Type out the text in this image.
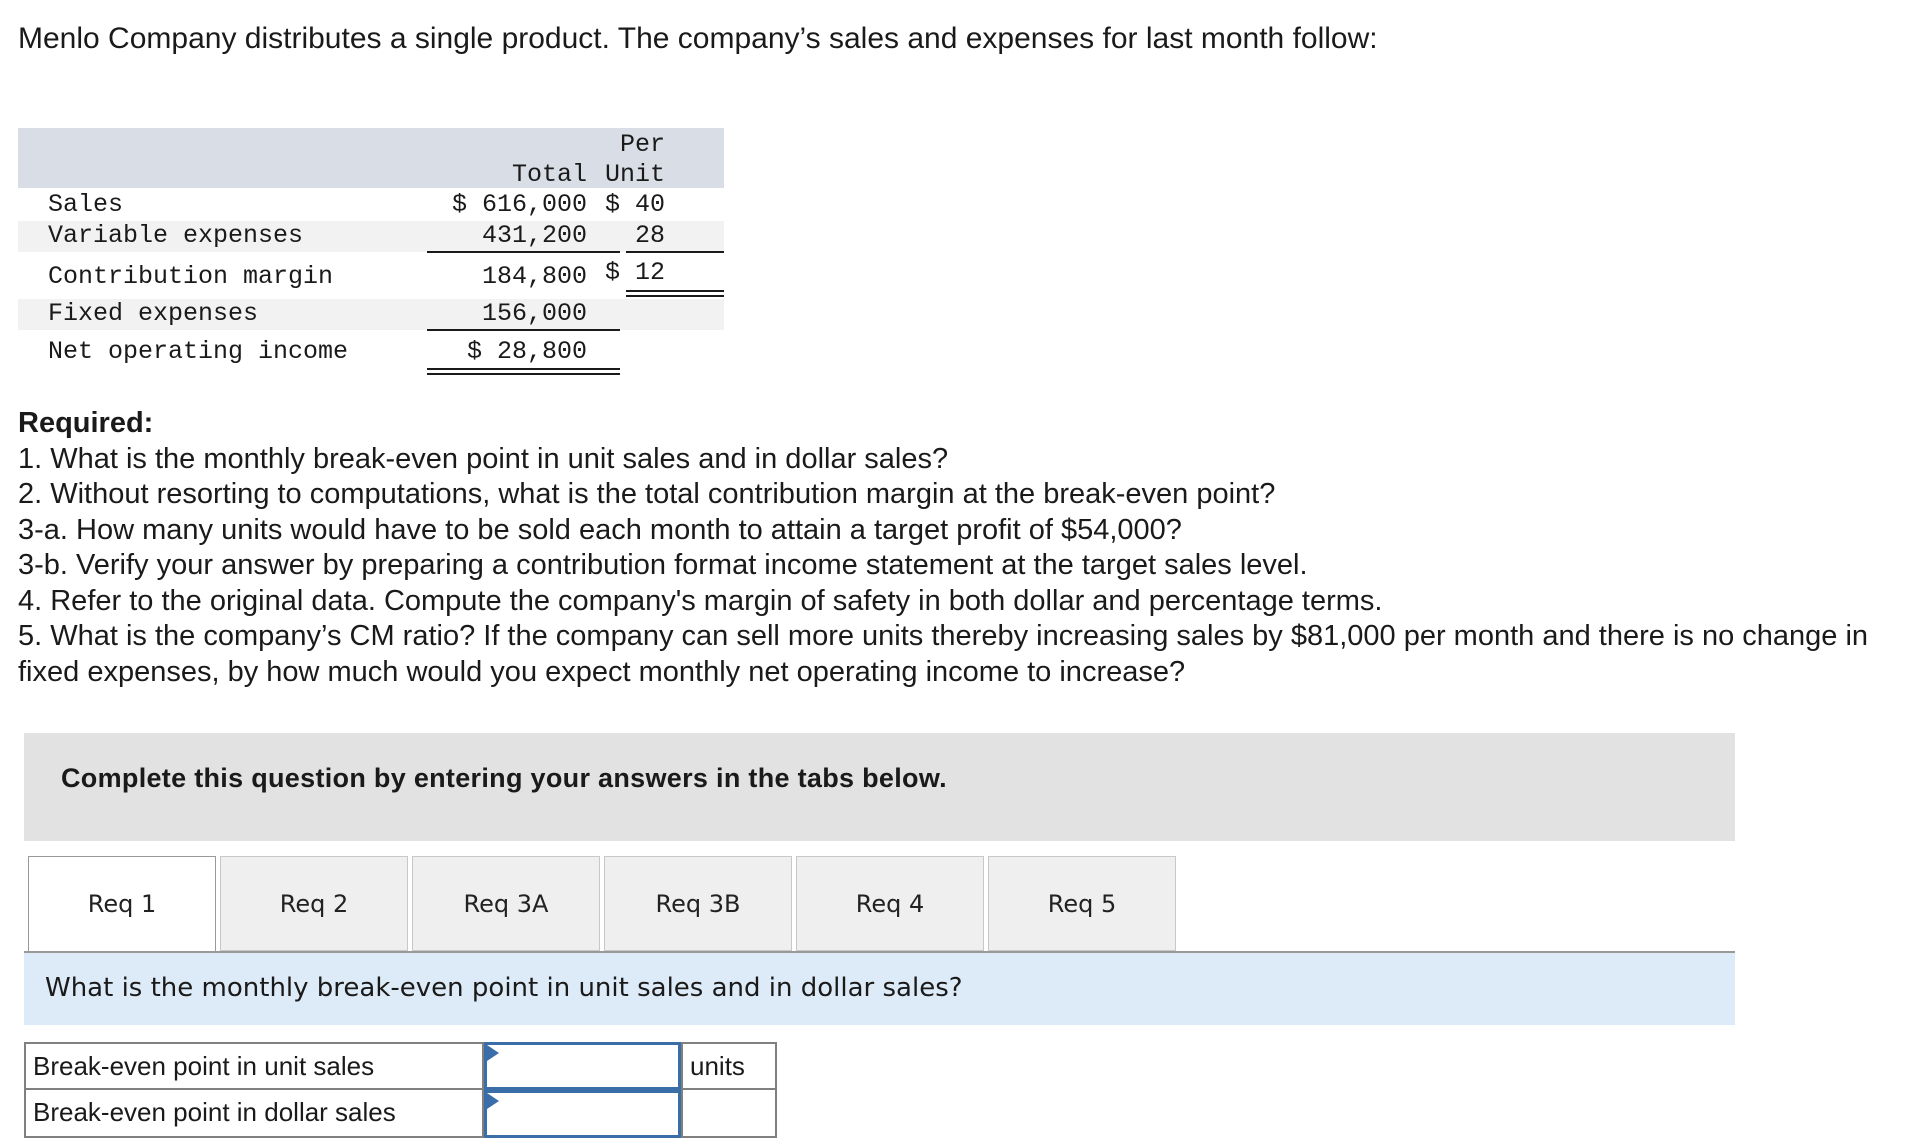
Menlo Company distributes a single product. The company’s sales and expenses for last month follow:
Per
Total Unit
Sales	$ 616,000 $ 40
Variable expenses	431,200	28
Contribution margin	184,800 $ 12
Fixed expenses	156,000
Net operating income	$ 28,800
Required:
1. What is the monthly break-even point in unit sales and in dollar sales?
2. Without resorting to computations, what is the total contribution margin at the break-even point?
3-a. How many units would have to be sold each month to attain a target profit of $54,000?
3-b. Verify your answer by preparing a contribution format income statement at the target sales level.
4. Refer to the original data. Compute the company's margin of safety in both dollar and percentage terms.
5. What is the company’s CM ratio? If the company can sell more units thereby increasing sales by $81,000 per month and there is no change in fixed expenses, by how much would you expect monthly net operating income to increase?
Complete this question by entering your answers in the tabs below.
Req 1	Req 2	Req 3A	Req 3B	Req 4	Req 5
What is the monthly break-even point in unit sales and in dollar sales?
Break-even point in unit sales	units
Break-even point in dollar sales
